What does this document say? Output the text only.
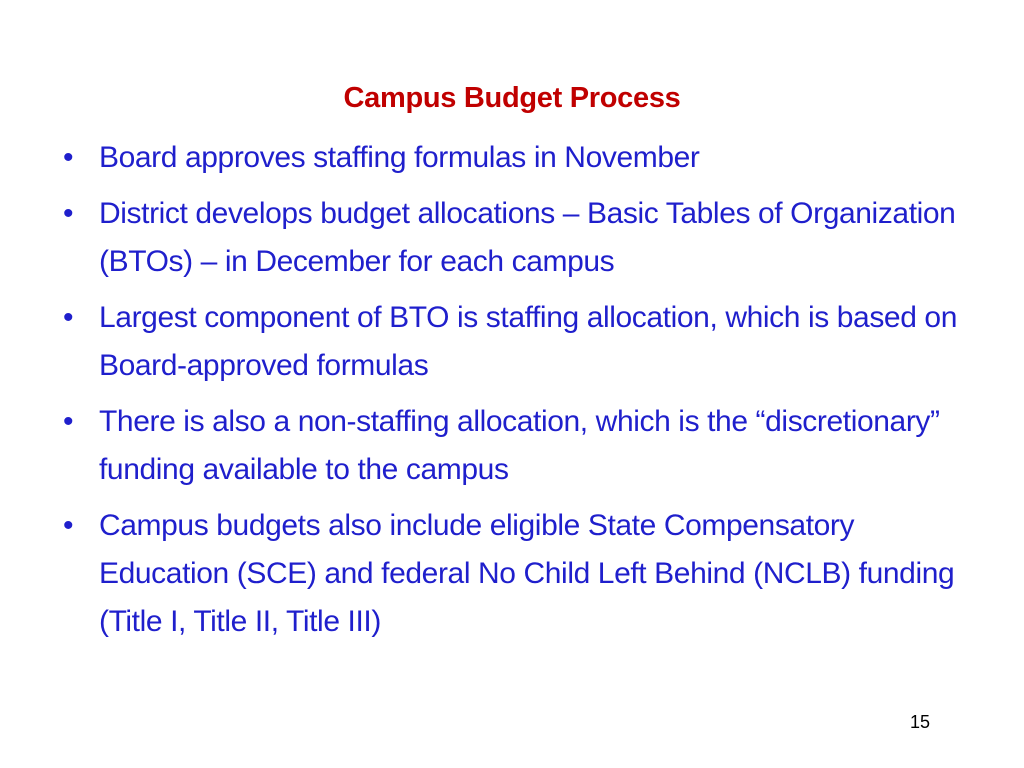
Campus Budget Process
• Board approves staffing formulas in November
• District develops budget allocations – Basic Tables of Organization (BTOs) – in December for each campus
• Largest component of BTO is staffing allocation, which is based on Board-approved formulas
• There is also a non-staffing allocation, which is the “discretionary” funding available to the campus
• Campus budgets also include eligible State Compensatory Education (SCE) and federal No Child Left Behind (NCLB) funding (Title I, Title II, Title III)
15
